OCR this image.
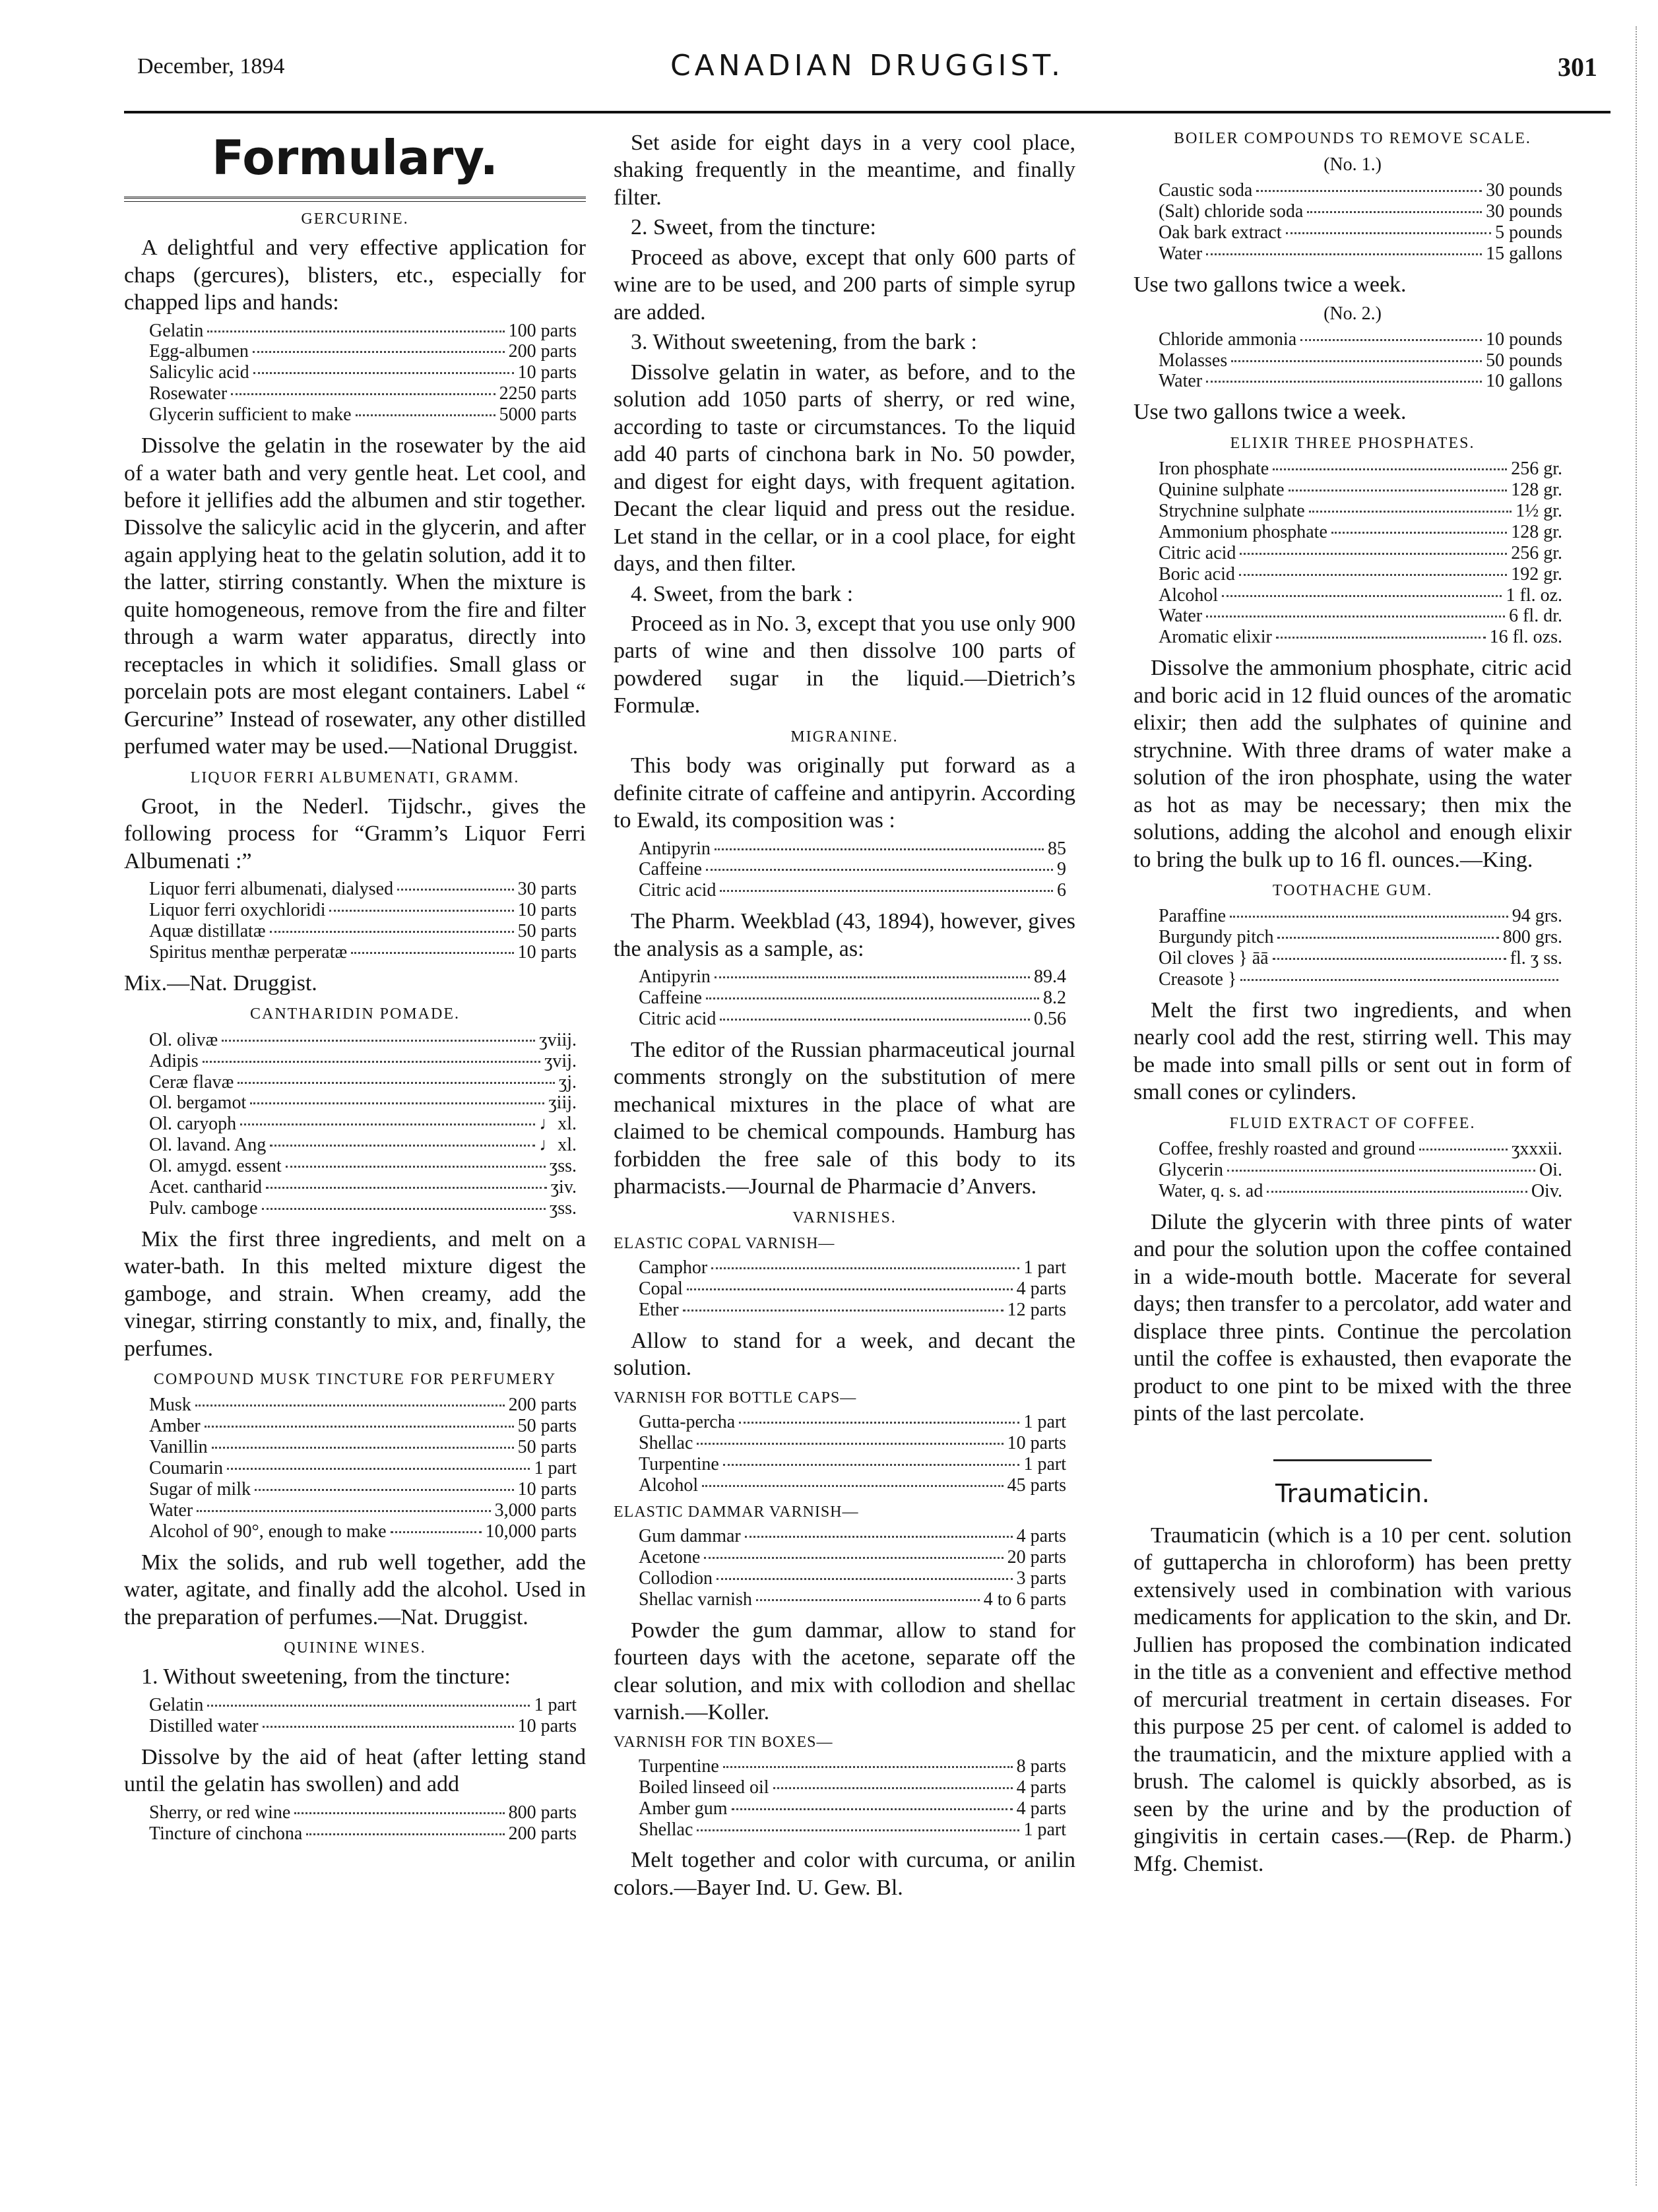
December, 1894	CANADIAN DRUGGIST.	301
Formulary.
GERCURINE.

A delightful and very effective application for chaps (gercures), blisters, etc., especially for chapped lips and hands:

Gelatin	100 parts
Egg-albumen	200 parts
Salicylic acid	10 parts
Rosewater	2250 parts
Glycerin sufficient to make	5000 parts

Dissolve the gelatin in the rosewater by the aid of a water bath and very gentle heat. Let cool, and before it jellifies add the albumen and stir together. Dissolve the salicylic acid in the glycerin, and after again applying heat to the gelatin solution, add it to the latter, stirring constantly. When the mixture is quite homogeneous, remove from the fire and filter through a warm water apparatus, directly into receptacles in which it solidifies. Small glass or porcelain pots are most elegant containers. Label “ Gercurine” Instead of rosewater, any other distilled perfumed water may be used.—National Druggist.

LIQUOR FERRI ALBUMENATI, GRAMM.

Groot, in the Nederl. Tijdschr., gives the following process for “Gramm’s Liquor Ferri Albumenati :”

Liquor ferri albumenati, dialysed	30 parts
Liquor ferri oxychloridi	10 parts
Aquæ distillatæ	50 parts
Spiritus menthæ perperatæ	10 parts
Mix.—Nat. Druggist.
CANTHARIDIN POMADE.
Ol. olivæ	ʒviij.
Adipis	ʒvij.
Ceræ flavæ	ʒj.
Ol. bergamot	ʒiij.
Ol. caryoph	♩xl.
Ol. lavand. Ang	♩xl.
Ol. amygd. essent	ʒss.
Acet. cantharid	ʒiv.
Pulv. camboge	ʒss.

Mix the first three ingredients, and melt on a water-bath. In this melted mixture digest the gamboge, and strain. When creamy, add the vinegar, stirring constantly to mix, and, finally, the perfumes.

COMPOUND MUSK TINCTURE FOR PERFUMERY
Musk	200 parts
Amber	50 parts
Vanillin	50 parts
Coumarin	1 part
Sugar of milk	10 parts
Water	3,000 parts
Alcohol of 90°, enough to make	10,000 parts

Mix the solids, and rub well together, add the water, agitate, and finally add the alcohol. Used in the preparation of perfumes.—Nat. Druggist.

QUININE WINES.

1. Without sweetening, from the tincture:

Gelatin	1 part
Distilled water	10 parts

Dissolve by the aid of heat (after letting stand until the gelatin has swollen) and add

Sherry, or red wine	800 parts
Tincture of cinchona	200 parts

Set aside for eight days in a very cool place, shaking frequently in the meantime, and finally filter.

2. Sweet, from the tincture:

Proceed as above, except that only 600 parts of wine are to be used, and 200 parts of simple syrup are added.

3. Without sweetening, from the bark :

Dissolve gelatin in water, as before, and to the solution add 1050 parts of sherry, or red wine, according to taste or circumstances. To the liquid add 40 parts of cinchona bark in No. 50 powder, and digest for eight days, with frequent agitation. Decant the clear liquid and press out the residue. Let stand in the cellar, or in a cool place, for eight days, and then filter.

4. Sweet, from the bark :

Proceed as in No. 3, except that you use only 900 parts of wine and then dissolve 100 parts of powdered sugar in the liquid.—Dietrich’s Formulæ.

MIGRANINE.

This body was originally put forward as a definite citrate of caffeine and antipyrin. According to Ewald, its composition was :

Antipyrin	85
Caffeine	9
Citric acid	6

The Pharm. Weekblad (43, 1894), however, gives the analysis as a sample, as:

Antipyrin	89.4
Caffeine	8.2
Citric acid	0.56

The editor of the Russian pharmaceutical journal comments strongly on the substitution of mere mechanical mixtures in the place of what are claimed to be chemical compounds. Hamburg has forbidden the free sale of this body to its pharmacists.—Journal de Pharmacie d’Anvers.

VARNISHES.
ELASTIC COPAL VARNISH—
Camphor	1 part
Copal	4 parts
Ether	12 parts

Allow to stand for a week, and decant the solution.

VARNISH FOR BOTTLE CAPS—
Gutta-percha	1 part
Shellac	10 parts
Turpentine	1 part
Alcohol	45 parts
ELASTIC DAMMAR VARNISH—
Gum dammar	4 parts
Acetone	20 parts
Collodion	3 parts
Shellac varnish	4 to 6 parts

Powder the gum dammar, allow to stand for fourteen days with the acetone, separate off the clear solution, and mix with collodion and shellac varnish.—Koller.

VARNISH FOR TIN BOXES—
Turpentine	8 parts
Boiled linseed oil	4 parts
Amber gum	4 parts
Shellac	1 part

Melt together and color with curcuma, or anilin colors.—Bayer Ind. U. Gew. Bl.

BOILER COMPOUNDS TO REMOVE SCALE.
(No. 1.)
Caustic soda	30 pounds
(Salt) chloride soda	30 pounds
Oak bark extract	5 pounds
Water	15 gallons
Use two gallons twice a week.
(No. 2.)
Chloride ammonia	10 pounds
Molasses	50 pounds
Water	10 gallons
Use two gallons twice a week.
ELIXIR THREE PHOSPHATES.
Iron phosphate	256 gr.
Quinine sulphate	128 gr.
Strychnine sulphate	1½ gr.
Ammonium phosphate	128 gr.
Citric acid	256 gr.
Boric acid	192 gr.
Alcohol	1 fl. oz.
Water	6 fl. dr.
Aromatic elixir	16 fl. ozs.

Dissolve the ammonium phosphate, citric acid and boric acid in 12 fluid ounces of the aromatic elixir; then add the sulphates of quinine and strychnine. With three drams of water make a solution of the iron phosphate, using the water as hot as may be necessary; then mix the solutions, adding the alcohol and enough elixir to bring the bulk up to 16 fl. ounces.—King.

TOOTHACHE GUM.
Paraffine	94 grs.
Burgundy pitch	800 grs.
Oil cloves } āā	fl. ʒ ss.
Creasote }

Melt the first two ingredients, and when nearly cool add the rest, stirring well. This may be made into small pills or sent out in form of small cones or cylinders.

FLUID EXTRACT OF COFFEE.
Coffee, freshly roasted and ground	ʒxxxii.
Glycerin	Oi.
Water, q. s. ad	Oiv.

Dilute the glycerin with three pints of water and pour the solution upon the coffee contained in a wide-mouth bottle. Macerate for several days; then transfer to a percolator, add water and displace three pints. Continue the percolation until the coffee is exhausted, then evaporate the product to one pint to be mixed with the three pints of the last percolate.

Traumaticin.

Traumaticin (which is a 10 per cent. solution of guttapercha in chloroform) has been pretty extensively used in combination with various medicaments for application to the skin, and Dr. Jullien has proposed the combination indicated in the title as a convenient and effective method of mercurial treatment in certain diseases. For this purpose 25 per cent. of calomel is added to the traumaticin, and the mixture applied with a brush. The calomel is quickly absorbed, as is seen by the urine and by the production of gingivitis in certain cases.—(Rep. de Pharm.) Mfg. Chemist.
